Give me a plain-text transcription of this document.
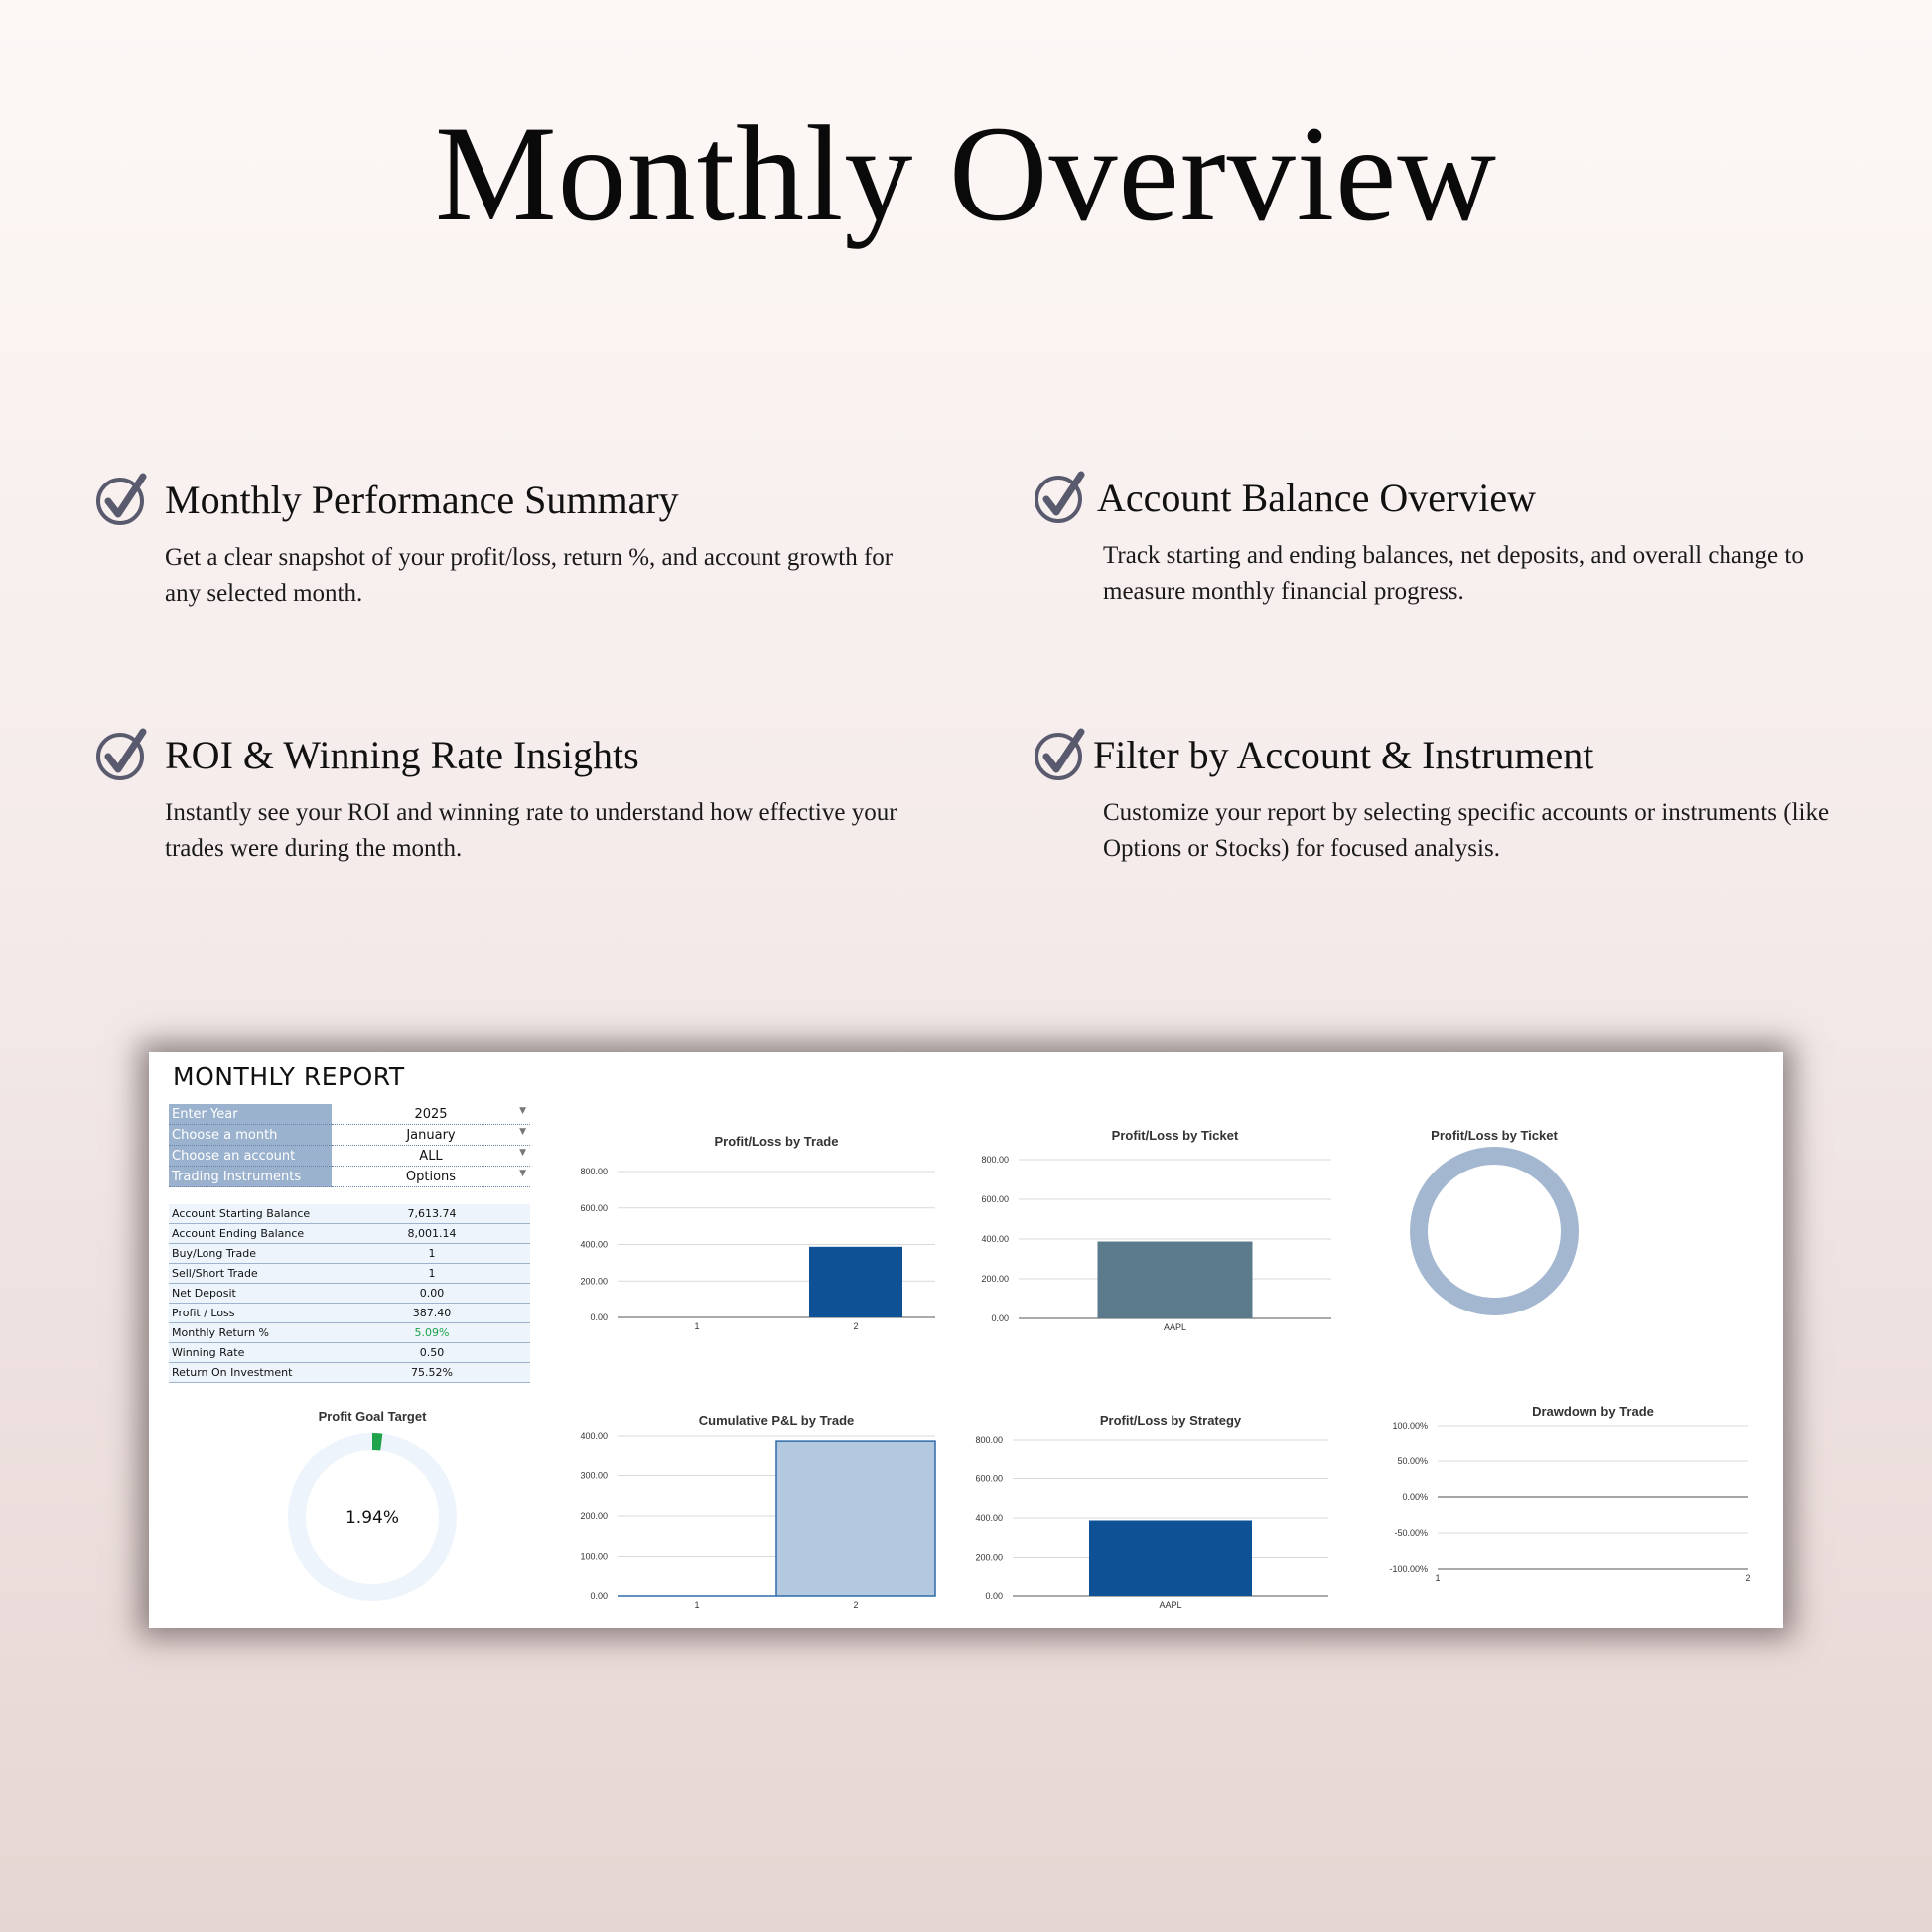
Monthly Overview
Monthly Performance Summary
Get a clear snapshot of your profit/loss, return %, and account growth for any selected month.
Account Balance Overview
Track starting and ending balances, net deposits, and overall change to measure monthly financial progress.
ROI & Winning Rate Insights
Instantly see your ROI and winning rate to understand how effective your trades were during the month.
Filter by Account & Instrument
Customize your report by selecting specific accounts or instruments (like Options or Stocks) for focused analysis.
MONTHLY REPORT
Enter Year	2025 ▼

Choose a month	January ▼

Choose an account	ALL ▼

Trading Instruments	Options ▼
Account Starting Balance	7,613.74
Account Ending Balance	8,001.14
Buy/Long Trade	1
Sell/Short Trade	1
Net Deposit	0.00
Profit / Loss	387.40
Monthly Return %	5.09%
Winning Rate	0.50
Return On Investment	75.52%
Profit/Loss by Trade
0.00
200.00
400.00
600.00
800.00
1	2
Profit/Loss by Ticket
0.00
200.00
400.00
600.00
800.00
AAPL
Profit/Loss by Ticket
Profit Goal Target
1.94%
Cumulative P&L by Trade
0.00
100.00
200.00
300.00
400.00
1	2
Profit/Loss by Strategy
0.00
200.00
400.00
600.00
800.00
AAPL
Drawdown by Trade
-100.00%
-50.00%
0.00%
50.00%
100.00%
1	2
